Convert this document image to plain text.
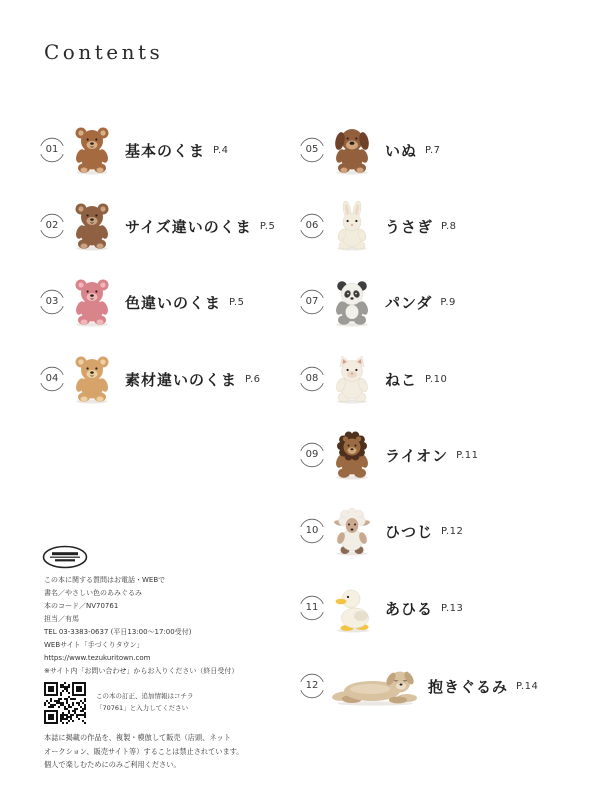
Contents
01	基本のくま P.4
02	サイズ違いのくま P.5
03	色違いのくま P.5
04	素材違いのくま P.6
05	いぬ P.7
06	うさぎ P.8
07	パンダ P.9
08	ねこ P.10
09	ライオン P.11
10	ひつじ P.12
11	あひる P.13
12	抱きぐるみ P.14
この本に関する質問はお電話・WEBで
書名／やさしい色のあみぐるみ
本のコード／NV70761
担当／有馬
TEL 03-3383-0637 (平日13:00～17:00受付)
WEBサイト「手づくりタウン」
https://www.tezukuritown.com
※サイト内「お問い合わせ」からお入りください（終日受付）
この本の訂正、追加情報はコチラ
「70761」と入力してください
本誌に掲載の作品を、複製・模倣して販売（店頭、ネット
オークション、販売サイト等）することは禁止されています。
個人で楽しむためにのみご利用ください。
